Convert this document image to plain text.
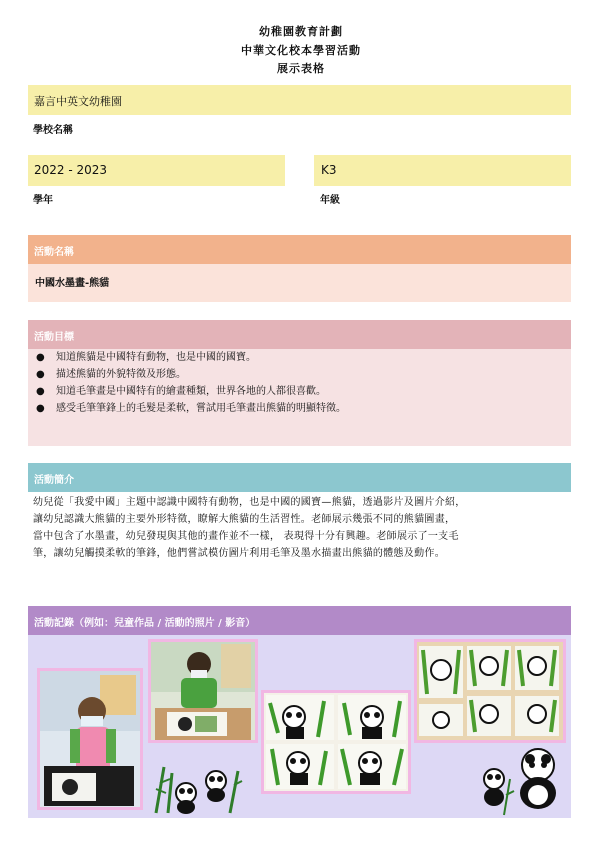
幼稚園教育計劃
中華文化校本學習活動
展示表格
嘉言中英文幼稚園
學校名稱
2022 - 2023
學年
K3
年級
活動名稱
中國水墨畫-熊貓
活動目標
● 知道熊貓是中國特有動物，也是中國的國寶。
● 描述熊貓的外貌特徵及形態。
● 知道毛筆畫是中國特有的繪畫種類，世界各地的人都很喜歡。
● 感受毛筆筆鋒上的毛髮是柔軟，嘗試用毛筆畫出熊貓的明顯特徵。
活動簡介
幼兒從「我愛中國」主題中認識中國特有動物，也是中國的國寶—熊貓，透過影片及圖片介紹，
讓幼兒認識大熊貓的主要外形特徵，瞭解大熊貓的生活習性。老師展示幾張不同的熊貓圖畫，
當中包含了水墨畫，幼兒發現與其他的畫作並不一樣， 表現得十分有興趣。老師展示了一支毛
筆，讓幼兒觸摸柔軟的筆鋒，他們嘗試模仿圖片利用毛筆及墨水描畫出熊貓的體態及動作。
活動記錄（例如：兒童作品 / 活動的照片 / 影音）
